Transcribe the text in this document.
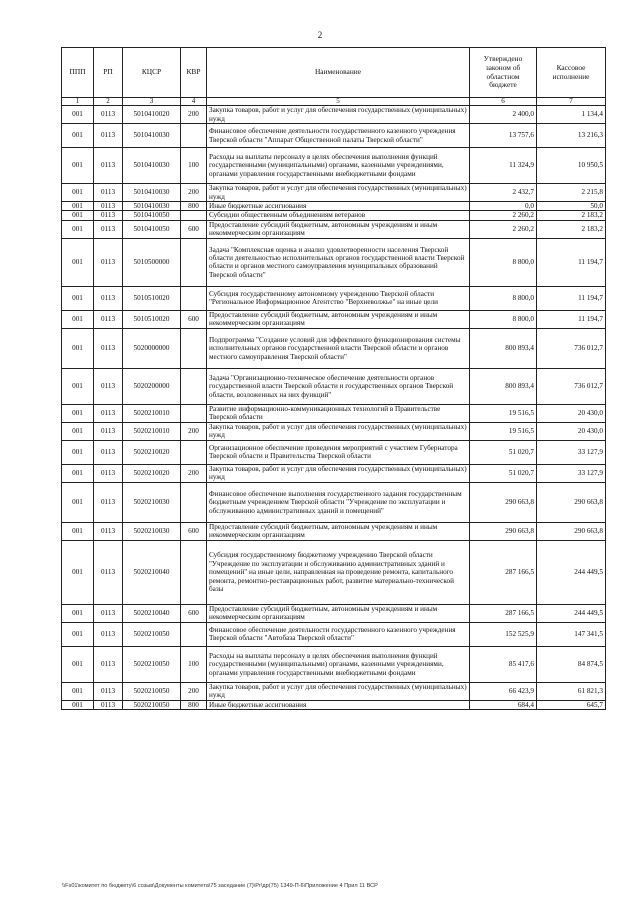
2
ППП	РП	КЦСР	КВР	Наименование	Утверждено законом об областном бюджете	Кассовое исполнение
1	2	3	4	5	6	7
001	0113	5010410020	200	Закупка товаров, работ и услуг для обеспечения государственных (муниципальных) нужд	2 400,0	1 134,4
001	0113	5010410030		Финансовое обеспечение деятельности государственного казенного учреждения Тверской области "Аппарат Общественной палаты Тверской области"	13 757,6	13 216,3
001	0113	5010410030	100	Расходы на выплаты персоналу в целях обеспечения выполнения функций государственными (муниципальными) органами, казенными учреждениями, органами управления государственными внебюджетными фондами	11 324,9	10 950,5
001	0113	5010410030	200	Закупка товаров, работ и услуг для обеспечения государственных (муниципальных) нужд	2 432,7	2 215,8
001	0113	5010410030	800	Иные бюджетные ассигнования	0,0	50,0
001	0113	5010410050		Субсидии общественным объединениям ветеранов	2 260,2	2 183,2
001	0113	5010410050	600	Предоставление субсидий бюджетным, автономным учреждениям и иным некоммерческим организациям	2 260,2	2 183,2
001	0113	5010500000		Задача "Комплексная оценка и анализ удовлетворенности населения Тверской области деятельностью исполнительных органов государственной власти Тверской области и органов местного самоуправления муниципальных образований Тверской области"	8 800,0	11 194,7
001	0113	5010510020		Субсидия государственному автономному учреждению Тверской области "Региональное Информационное Агентство "Верхневолжье" на иные цели	8 800,0	11 194,7
001	0113	5010510020	600	Предоставление субсидий бюджетным, автономным учреждениям и иным некоммерческим организациям	8 800,0	11 194,7
001	0113	5020000000		Подпрограмма "Создание условий для эффективного функционирования системы исполнительных органов государственной власти Тверской области и органов местного самоуправления Тверской области"	800 893,4	736 012,7
001	0113	5020200000		Задача "Организационно-техническое обеспечение деятельности органов государственной власти Тверской области и государственных органов Тверской области, возложенных на них функций"	800 893,4	736 012,7
001	0113	5020210010		Развитие информационно-коммуникационных технологий в Правительстве Тверской области	19 516,5	20 430,0
001	0113	5020210010	200	Закупка товаров, работ и услуг для обеспечения государственных (муниципальных) нужд	19 516,5	20 430,0
001	0113	5020210020		Организационное обеспечение проведения мероприятий с участием Губернатора Тверской области и Правительства Тверской области	51 020,7	33 127,9
001	0113	5020210020	200	Закупка товаров, работ и услуг для обеспечения государственных (муниципальных) нужд	51 020,7	33 127,9
001	0113	5020210030		Финансовое обеспечение выполнения государственного задания государственным бюджетным учреждением Тверской области "Учреждение по эксплуатации и обслуживанию административных зданий и помещений"	290 663,8	290 663,8
001	0113	5020210030	600	Предоставление субсидий бюджетным, автономным учреждениям и иным некоммерческим организациям	290 663,8	290 663,8
001	0113	5020210040		Субсидия государственному бюджетному учреждению Тверской области "Учреждение по эксплуатации и обслуживанию административных зданий и помещений" на иные цели, направленная на проведение ремонта, капитального ремонта, ремонтно-реставрационных работ, развитие материально-технической базы	287 166,5	244 449,5
001	0113	5020210040	600	Предоставление субсидий бюджетным, автономным учреждениям и иным некоммерческим организациям	287 166,5	244 449,5
001	0113	5020210050		Финансовое обеспечение деятельности государственного казенного учреждения Тверской области "Автобаза Тверской области"	152 525,9	147 341,5
001	0113	5020210050	100	Расходы на выплаты персоналу в целях обеспечения выполнения функций государственными (муниципальными) органами, казенными учреждениями, органами управления государственными внебюджетными фондами	85 417,6	84 874,5
001	0113	5020210050	200	Закупка товаров, работ и услуг для обеспечения государственных (муниципальных) нужд	66 423,9	61 821,3
001	0113	5020210050	800	Иные бюджетные ассигнования	684,4	645,7
\\Fs01\комитет по бюджету\6 созыв\Документы комитета\75 заседание (7)\Pr\др(75) 1349-П-6\Приложение 4 Прил 11 ВСР
